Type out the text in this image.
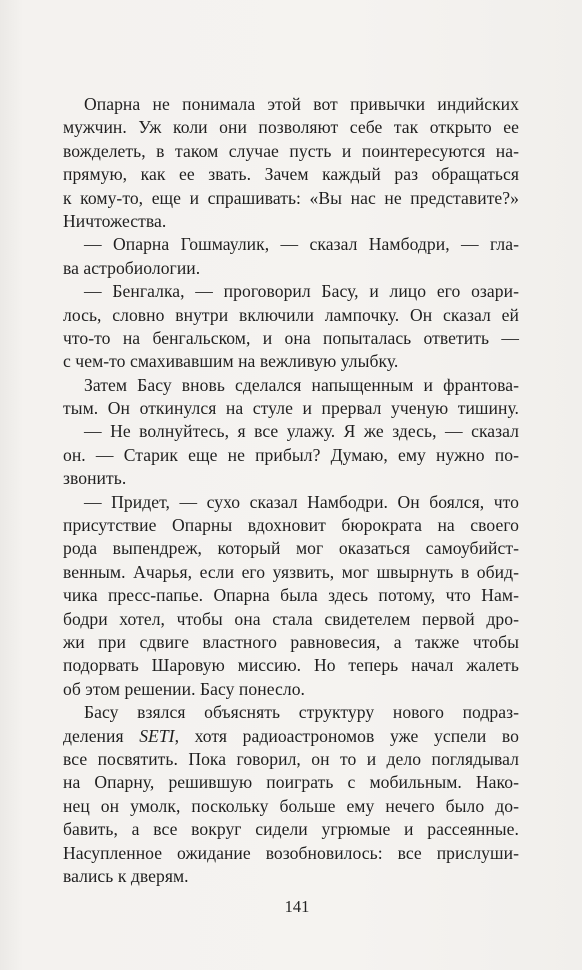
Опарна не понимала этой вот привычки индийских
мужчин. Уж коли они позволяют себе так открыто ее
вожделеть, в таком случае пусть и поинтересуются на-
прямую, как ее звать. Зачем каждый раз обращаться
к кому-то, еще и спрашивать: «Вы нас не представите?»
Ничтожества.
— Опарна Гошмаулик, — сказал Намбодри, — гла-
ва астробиологии.
— Бенгалка, — проговорил Басу, и лицо его озари-
лось, словно внутри включили лампочку. Он сказал ей
что-то на бенгальском, и она попыталась ответить —
с чем-то смахивавшим на вежливую улыбку.
Затем Басу вновь сделался напыщенным и франтова-
тым. Он откинулся на стуле и прервал ученую тишину.
— Не волнуйтесь, я все улажу. Я же здесь, — сказал
он. — Старик еще не прибыл? Думаю, ему нужно по-
звонить.
— Придет, — сухо сказал Намбодри. Он боялся, что
присутствие Опарны вдохновит бюрократа на своего
рода выпендреж, который мог оказаться самоубийст-
венным. Ачарья, если его уязвить, мог швырнуть в обид-
чика пресс-папье. Опарна была здесь потому, что Нам-
бодри хотел, чтобы она стала свидетелем первой дро-
жи при сдвиге властного равновесия, а также чтобы
подорвать Шаровую миссию. Но теперь начал жалеть
об этом решении. Басу понесло.
Басу взялся объяснять структуру нового подраз-
деления SETI, хотя радиоастрономов уже успели во
все посвятить. Пока говорил, он то и дело поглядывал
на Опарну, решившую поиграть с мобильным. Нако-
нец он умолк, поскольку больше ему нечего было до-
бавить, а все вокруг сидели угрюмые и рассеянные.
Насупленное ожидание возобновилось: все прислуши-
вались к дверям.
141
